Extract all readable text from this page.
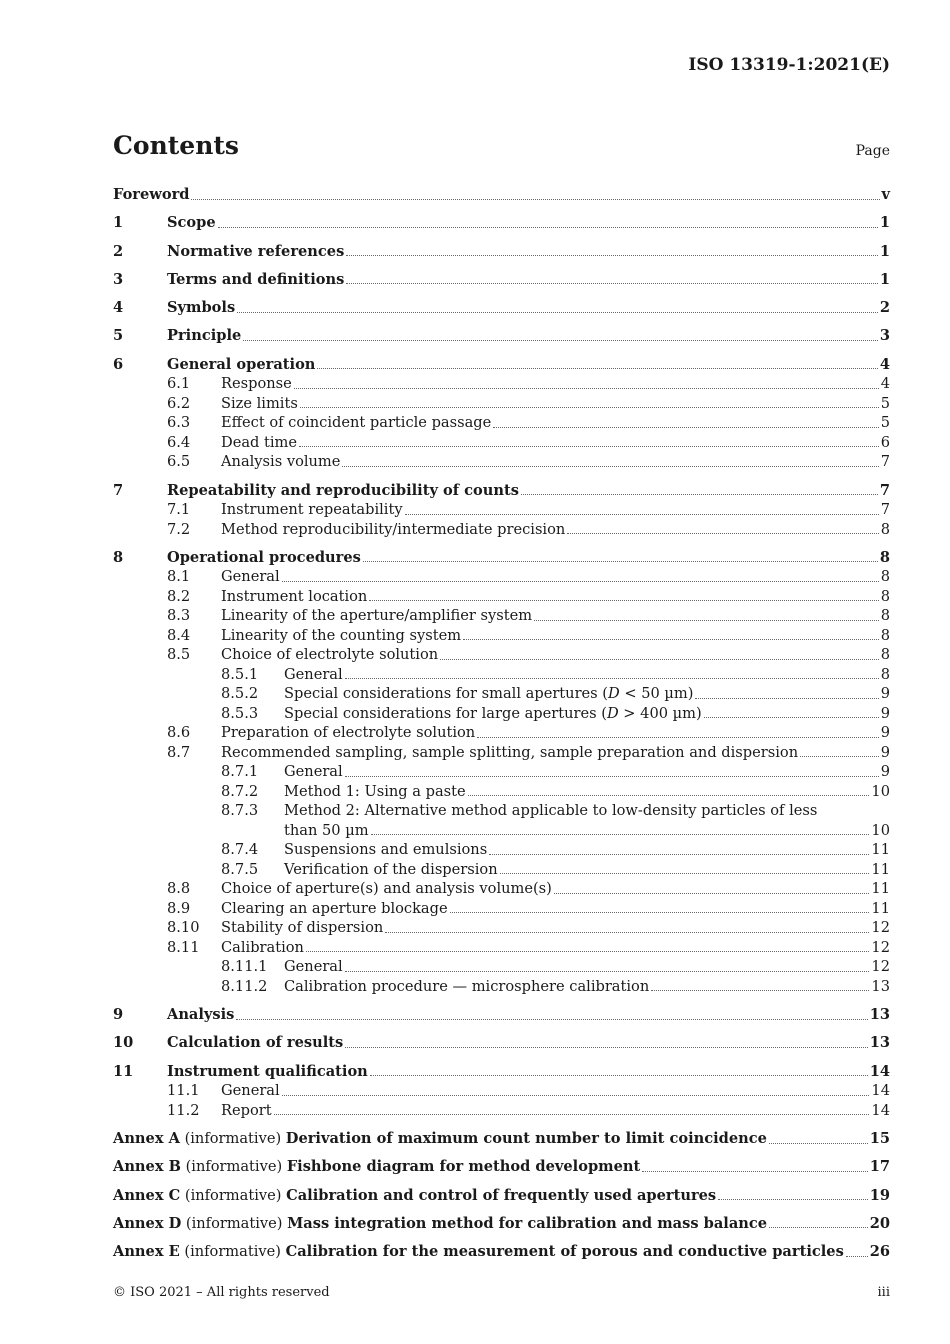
ISO 13319-1:2021(E)
Contents	Page
Foreword	v
1	Scope	1
2	Normative references	1
3	Terms and definitions	1
4	Symbols	2
5	Principle	3
6	General operation	4
6.1	Response	4
6.2	Size limits	5
6.3	Effect of coincident particle passage	5
6.4	Dead time	6
6.5	Analysis volume	7
7	Repeatability and reproducibility of counts	7
7.1	Instrument repeatability	7
7.2	Method reproducibility/intermediate precision	8
8	Operational procedures	8
8.1	General	8
8.2	Instrument location	8
8.3	Linearity of the aperture/amplifier system	8
8.4	Linearity of the counting system	8
8.5	Choice of electrolyte solution	8
8.5.1	General	8
8.5.2	Special considerations for small apertures (D < 50 µm)	9
8.5.3	Special considerations for large apertures (D > 400 µm)	9
8.6	Preparation of electrolyte solution	9
8.7	Recommended sampling, sample splitting, sample preparation and dispersion	9
8.7.1	General	9
8.7.2	Method 1: Using a paste	10
8.7.3	Method 2: Alternative method applicable to low-density particles of less
than 50 µm	10
8.7.4	Suspensions and emulsions	11
8.7.5	Verification of the dispersion	11
8.8	Choice of aperture(s) and analysis volume(s)	11
8.9	Clearing an aperture blockage	11
8.10	Stability of dispersion	12
8.11	Calibration	12
8.11.1	General	12
8.11.2	Calibration procedure — microsphere calibration	13
9	Analysis	13
10	Calculation of results	13
11	Instrument qualification	14
11.1	General	14
11.2	Report	14
Annex A (informative) Derivation of maximum count number to limit coincidence	15
Annex B (informative) Fishbone diagram for method development	17
Annex C (informative) Calibration and control of frequently used apertures	19
Annex D (informative) Mass integration method for calibration and mass balance	20
Annex E (informative) Calibration for the measurement of porous and conductive particles 26
© ISO 2021 – All rights reserved	iii
